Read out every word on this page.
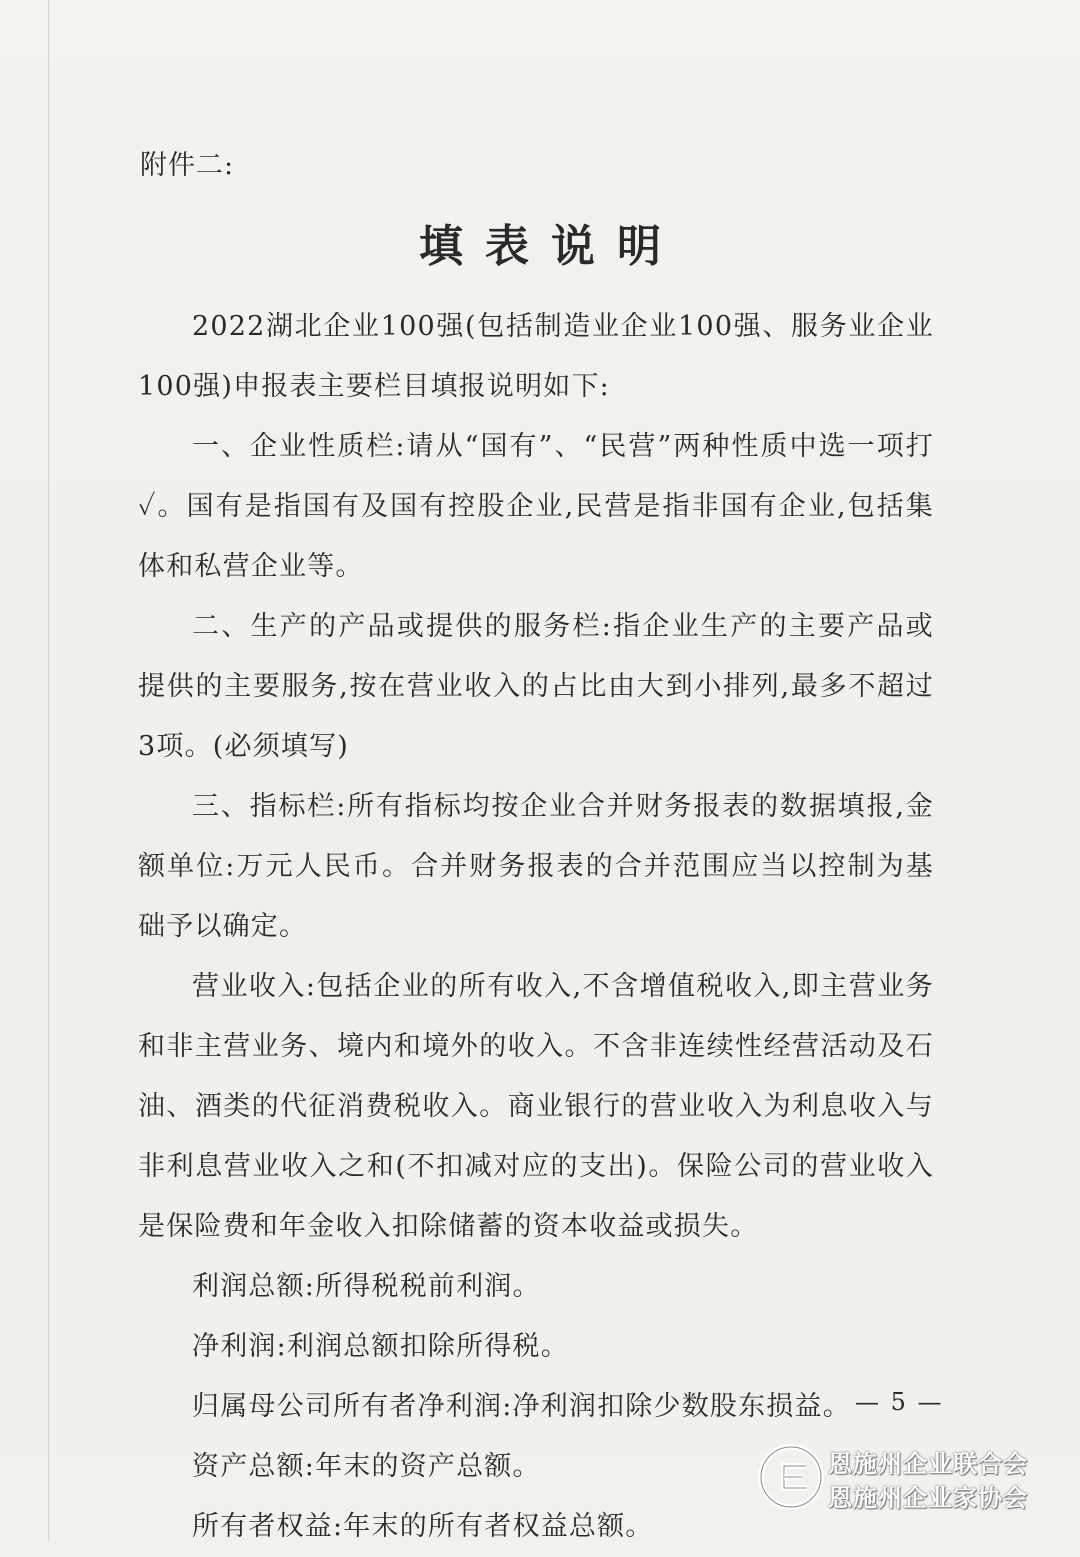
附件二:
填表说明

2022湖北企业100强(包括制造业企业100强、服务业企业100强)申报表主要栏目填报说明如下:

一、企业性质栏:请从“国有”、“民营”两种性质中选一项打✓。国有是指国有及国有控股企业,民营是指非国有企业,包括集体和私营企业等。

二、生产的产品或提供的服务栏:指企业生产的主要产品或提供的主要服务,按在营业收入的占比由大到小排列,最多不超过3项。(必须填写)

三、指标栏:所有指标均按企业合并财务报表的数据填报,金额单位:万元人民币。合并财务报表的合并范围应当以控制为基础予以确定。

营业收入:包括企业的所有收入,不含增值税收入,即主营业务和非主营业务、境内和境外的收入。不含非连续性经营活动及石油、酒类的代征消费税收入。商业银行的营业收入为利息收入与非利息营业收入之和(不扣减对应的支出)。保险公司的营业收入是保险费和年金收入扣除储蓄的资本收益或损失。

利润总额:所得税税前利润。

净利润:利润总额扣除所得税。

归属母公司所有者净利润:净利润扣除少数股东损益。

资产总额:年末的资产总额。

所有者权益:年末的所有者权益总额。

— 5 —
恩施州企业联合会
恩施州企业家协会
